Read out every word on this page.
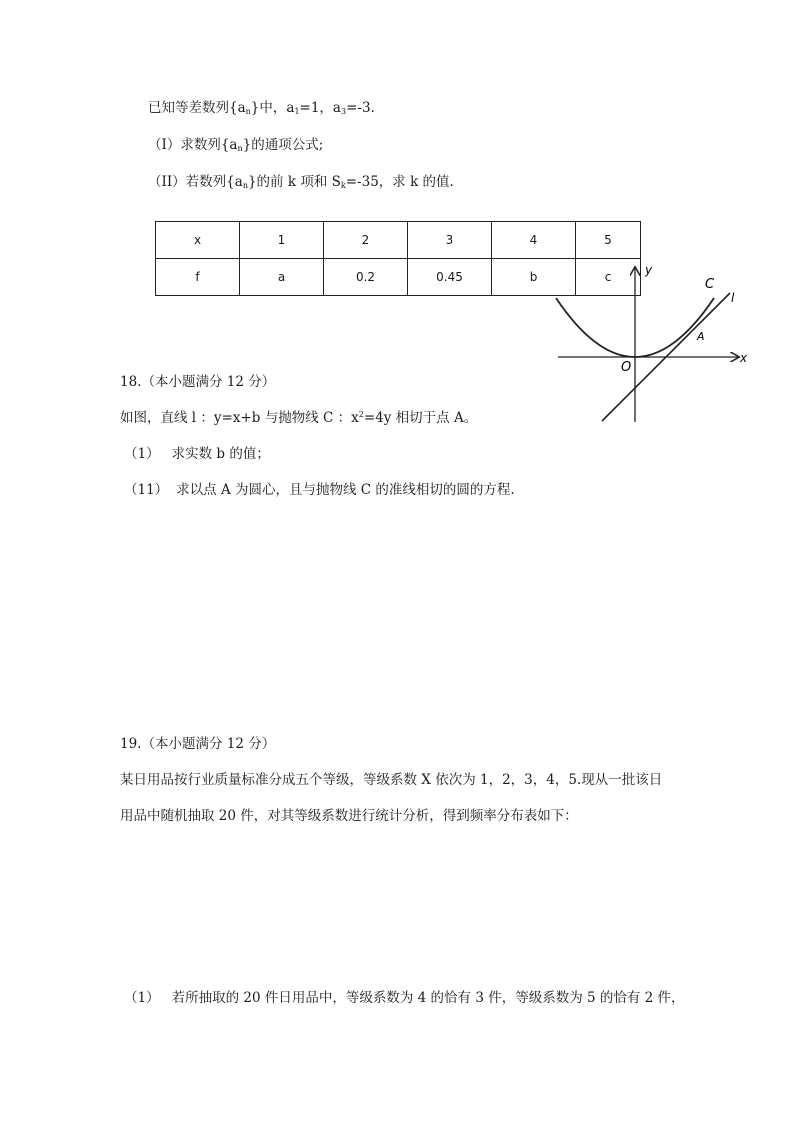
已知等差数列$\{a_n\}$中，$a_1=1$，$a_3=-3$.
（I）求数列$\{a_n\}$的通项公式;
（II）若数列$\{a_n\}$的前 k 项和 $S_k=-35$，求 k 的值.
x	1	2	3	4	5
f	a	0.2	0.45	b	c
x
y
O
C
l
A
18.（本小题满分 12 分）
如图，直线 l ：y=x+b 与抛物线 C ：$x^2=4y$ 相切于点 A。
（1） 求实数 b 的值；
（11） 求以点 A 为圆心，且与抛物线 C 的准线相切的圆的方程.
19.（本小题满分 12 分）
某日用品按行业质量标准分成五个等级，等级系数 X 依次为 1，2，3，4，5.现从一批该日
用品中随机抽取 20 件，对其等级系数进行统计分析，得到频率分布表如下：
（1） 若所抽取的 20 件日用品中，等级系数为 4 的恰有 3 件，等级系数为 5 的恰有 2 件，
